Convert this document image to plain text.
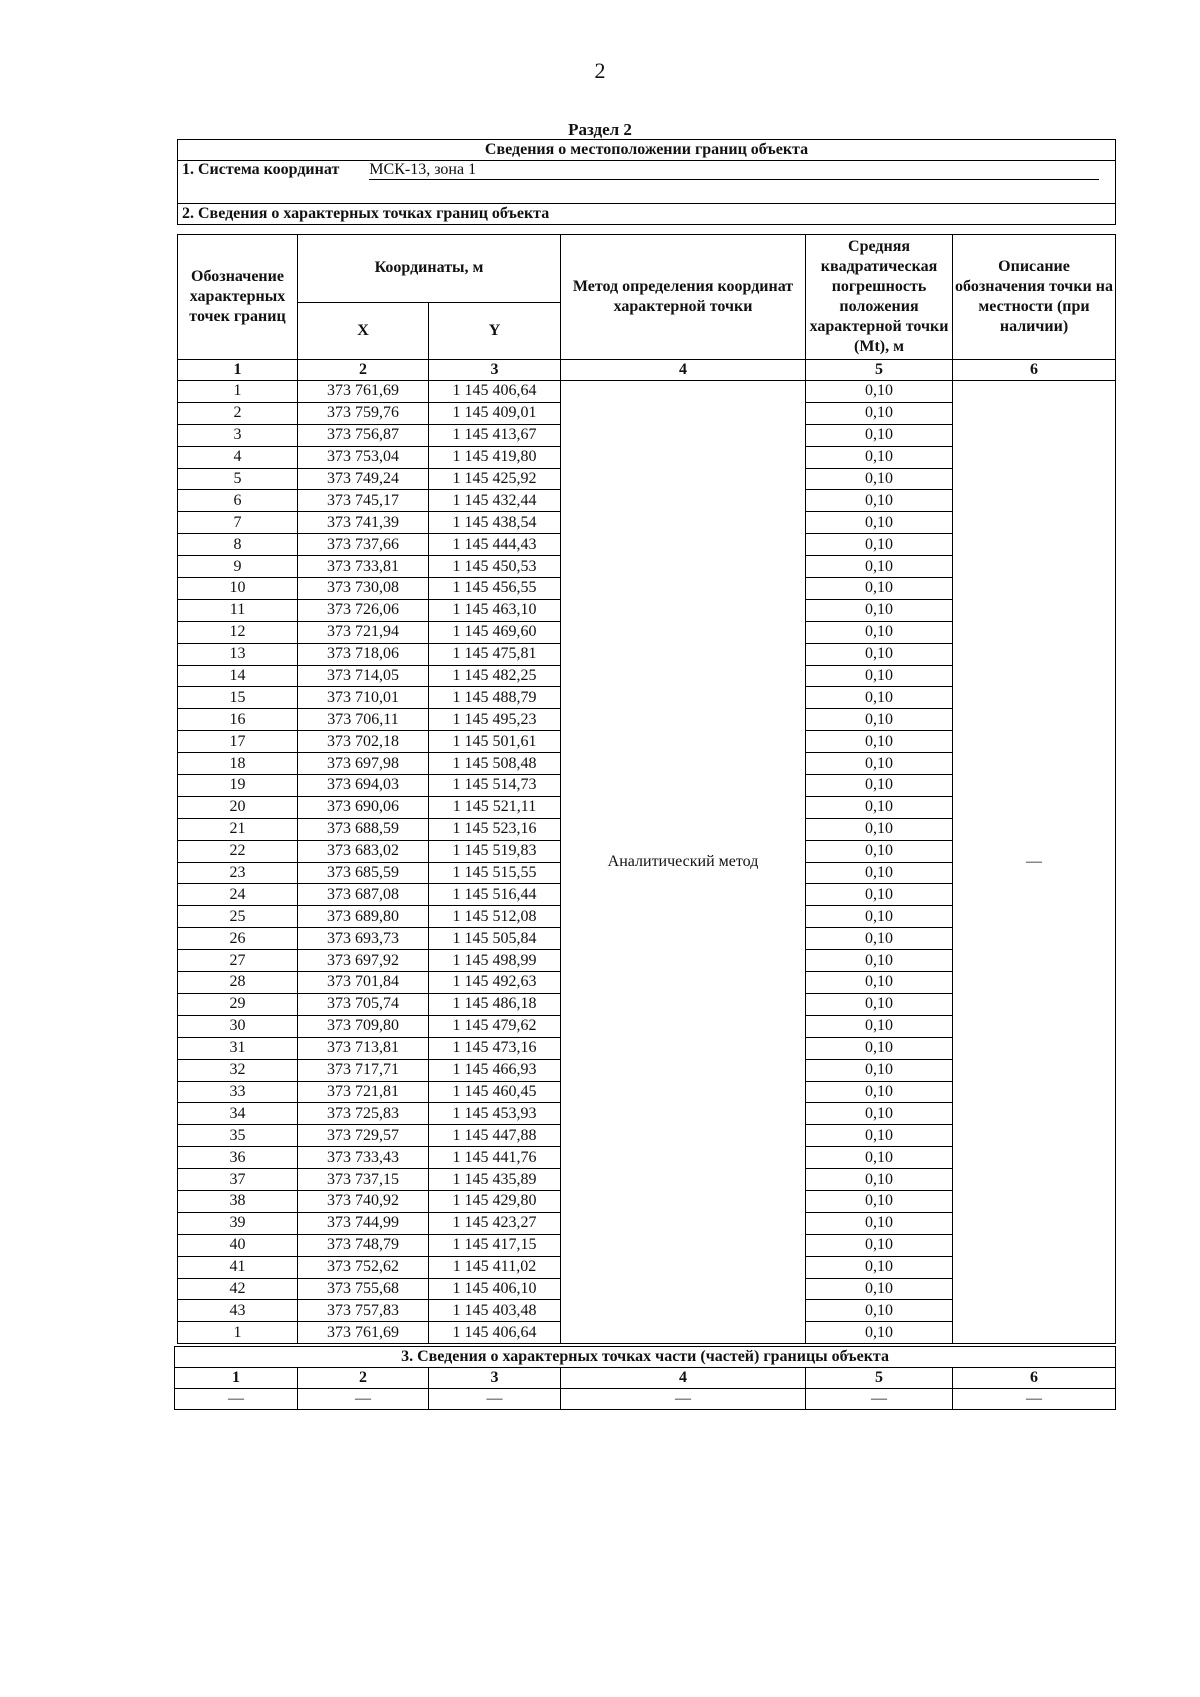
2
Раздел 2
Сведения о местоположении границ объекта
1. Система координат МСК-13, зона 1
2. Сведения о характерных точках границ объекта
Обозначение характерных точек границ	Координаты, м		Метод определения координат характерной точки	Средняя квадратическая погрешность положения характерной точки (Mt), м	Описание обозначения точки на местности (при наличии)
	X	Y			
1	2	3	4	5	6
1	373 761,69	1 145 406,64	Аналитический метод	0,10	—
2	373 759,76	1 145 409,01		0,10	
3	373 756,87	1 145 413,67		0,10	
4	373 753,04	1 145 419,80		0,10	
5	373 749,24	1 145 425,92		0,10	
6	373 745,17	1 145 432,44		0,10	
7	373 741,39	1 145 438,54		0,10	
8	373 737,66	1 145 444,43		0,10	
9	373 733,81	1 145 450,53		0,10	
10	373 730,08	1 145 456,55		0,10	
11	373 726,06	1 145 463,10		0,10	
12	373 721,94	1 145 469,60		0,10	
13	373 718,06	1 145 475,81		0,10	
14	373 714,05	1 145 482,25		0,10	
15	373 710,01	1 145 488,79		0,10	
16	373 706,11	1 145 495,23		0,10	
17	373 702,18	1 145 501,61		0,10	
18	373 697,98	1 145 508,48		0,10	
19	373 694,03	1 145 514,73		0,10	
20	373 690,06	1 145 521,11		0,10	
21	373 688,59	1 145 523,16		0,10	
22	373 683,02	1 145 519,83		0,10	
23	373 685,59	1 145 515,55		0,10	
24	373 687,08	1 145 516,44		0,10	
25	373 689,80	1 145 512,08		0,10	
26	373 693,73	1 145 505,84		0,10	
27	373 697,92	1 145 498,99		0,10	
28	373 701,84	1 145 492,63		0,10	
29	373 705,74	1 145 486,18		0,10	
30	373 709,80	1 145 479,62		0,10	
31	373 713,81	1 145 473,16		0,10	
32	373 717,71	1 145 466,93		0,10	
33	373 721,81	1 145 460,45		0,10	
34	373 725,83	1 145 453,93		0,10	
35	373 729,57	1 145 447,88		0,10	
36	373 733,43	1 145 441,76		0,10	
37	373 737,15	1 145 435,89		0,10	
38	373 740,92	1 145 429,80		0,10	
39	373 744,99	1 145 423,27		0,10	
40	373 748,79	1 145 417,15		0,10	
41	373 752,62	1 145 411,02		0,10	
42	373 755,68	1 145 406,10		0,10	
43	373 757,83	1 145 403,48		0,10	
1	373 761,69	1 145 406,64		0,10	
3. Сведения о характерных точках части (частей) границы объекта					
1	2	3	4	5	6
—	—	—	—	—	—
